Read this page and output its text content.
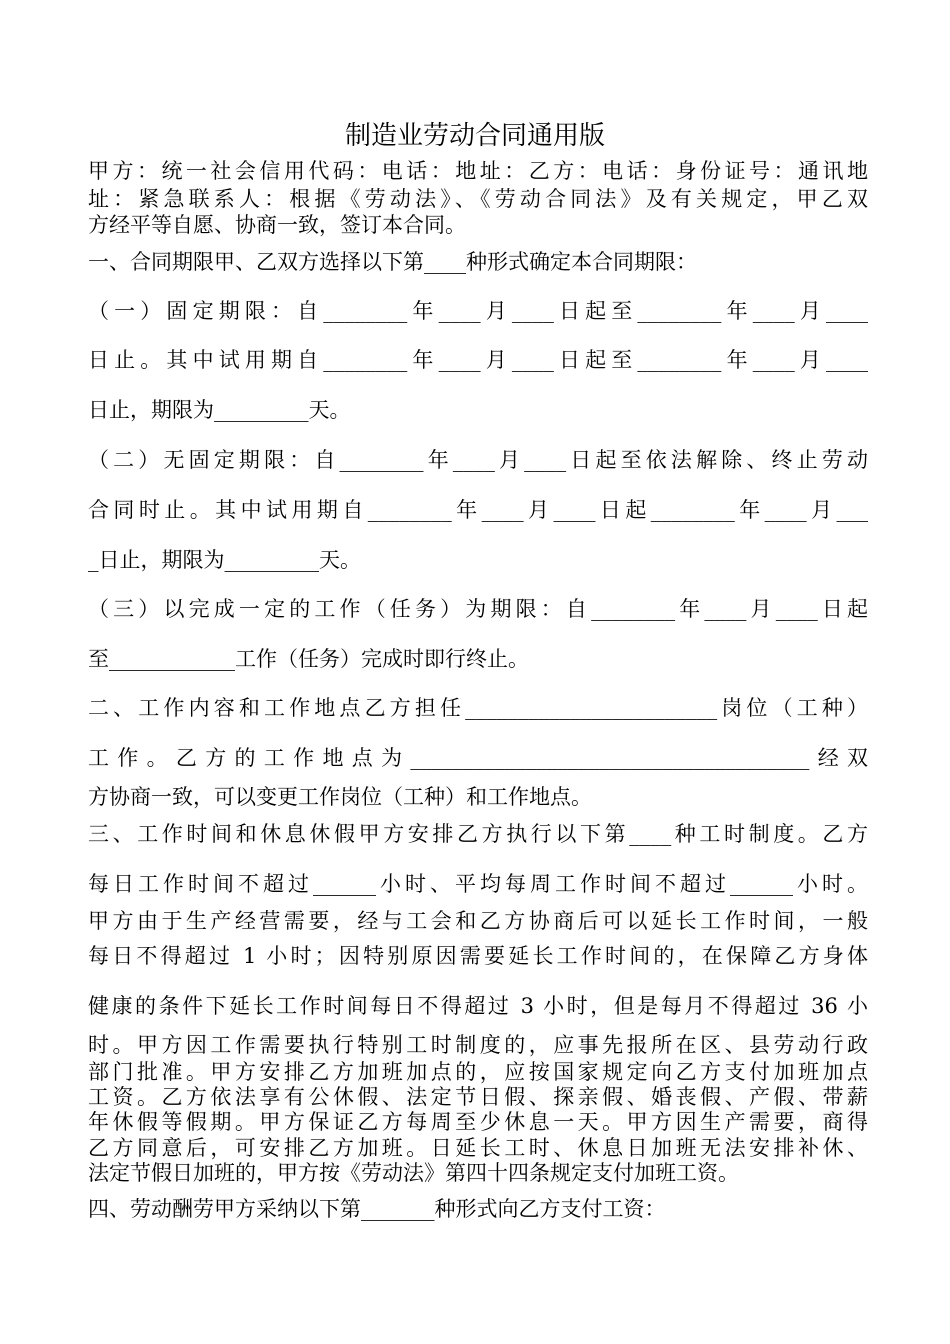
制造业劳动合同通用版
甲方：统一社会信用代码：电话：地址：乙方：电话：身份证号：通讯地
址：紧急联系人：根据《劳动法》、《劳动合同法》及有关规定，甲乙双
方经平等自愿、协商一致，签订本合同。
一、合同期限甲、乙双方选择以下第____种形式确定本合同期限：
（一）固定期限：自________年____月____日起至________年____月____
日止。其中试用期自________年____月____日起至________年____月____
日止，期限为_________天。
（二）无固定期限：自________年____月____日起至依法解除、终止劳动
合同时止。其中试用期自________年____月____日起________年____月___
_日止，期限为_________天。
（三）以完成一定的工作（任务）为期限：自________年____月____日起
至____________工作（任务）完成时即行终止。
二、工作内容和工作地点乙方担任________________________岗位（工种）
工作。乙方的工作地点为______________________________________经双
方协商一致，可以变更工作岗位（工种）和工作地点。
三、工作时间和休息休假甲方安排乙方执行以下第____种工时制度。乙方
每日工作时间不超过______小时、平均每周工作时间不超过______小时。
甲方由于生产经营需要，经与工会和乙方协商后可以延长工作时间，一般
每日不得超过 1 小时；因特别原因需要延长工作时间的，在保障乙方身体
健康的条件下延长工作时间每日不得超过 3 小时，但是每月不得超过 36 小
时。甲方因工作需要执行特别工时制度的，应事先报所在区、县劳动行政
部门批准。甲方安排乙方加班加点的，应按国家规定向乙方支付加班加点
工资。乙方依法享有公休假、法定节日假、探亲假、婚丧假、产假、带薪
年休假等假期。甲方保证乙方每周至少休息一天。甲方因生产需要，商得
乙方同意后，可安排乙方加班。日延长工时、休息日加班无法安排补休、
法定节假日加班的，甲方按《劳动法》第四十四条规定支付加班工资。
四、劳动酬劳甲方采纳以下第_______种形式向乙方支付工资：
